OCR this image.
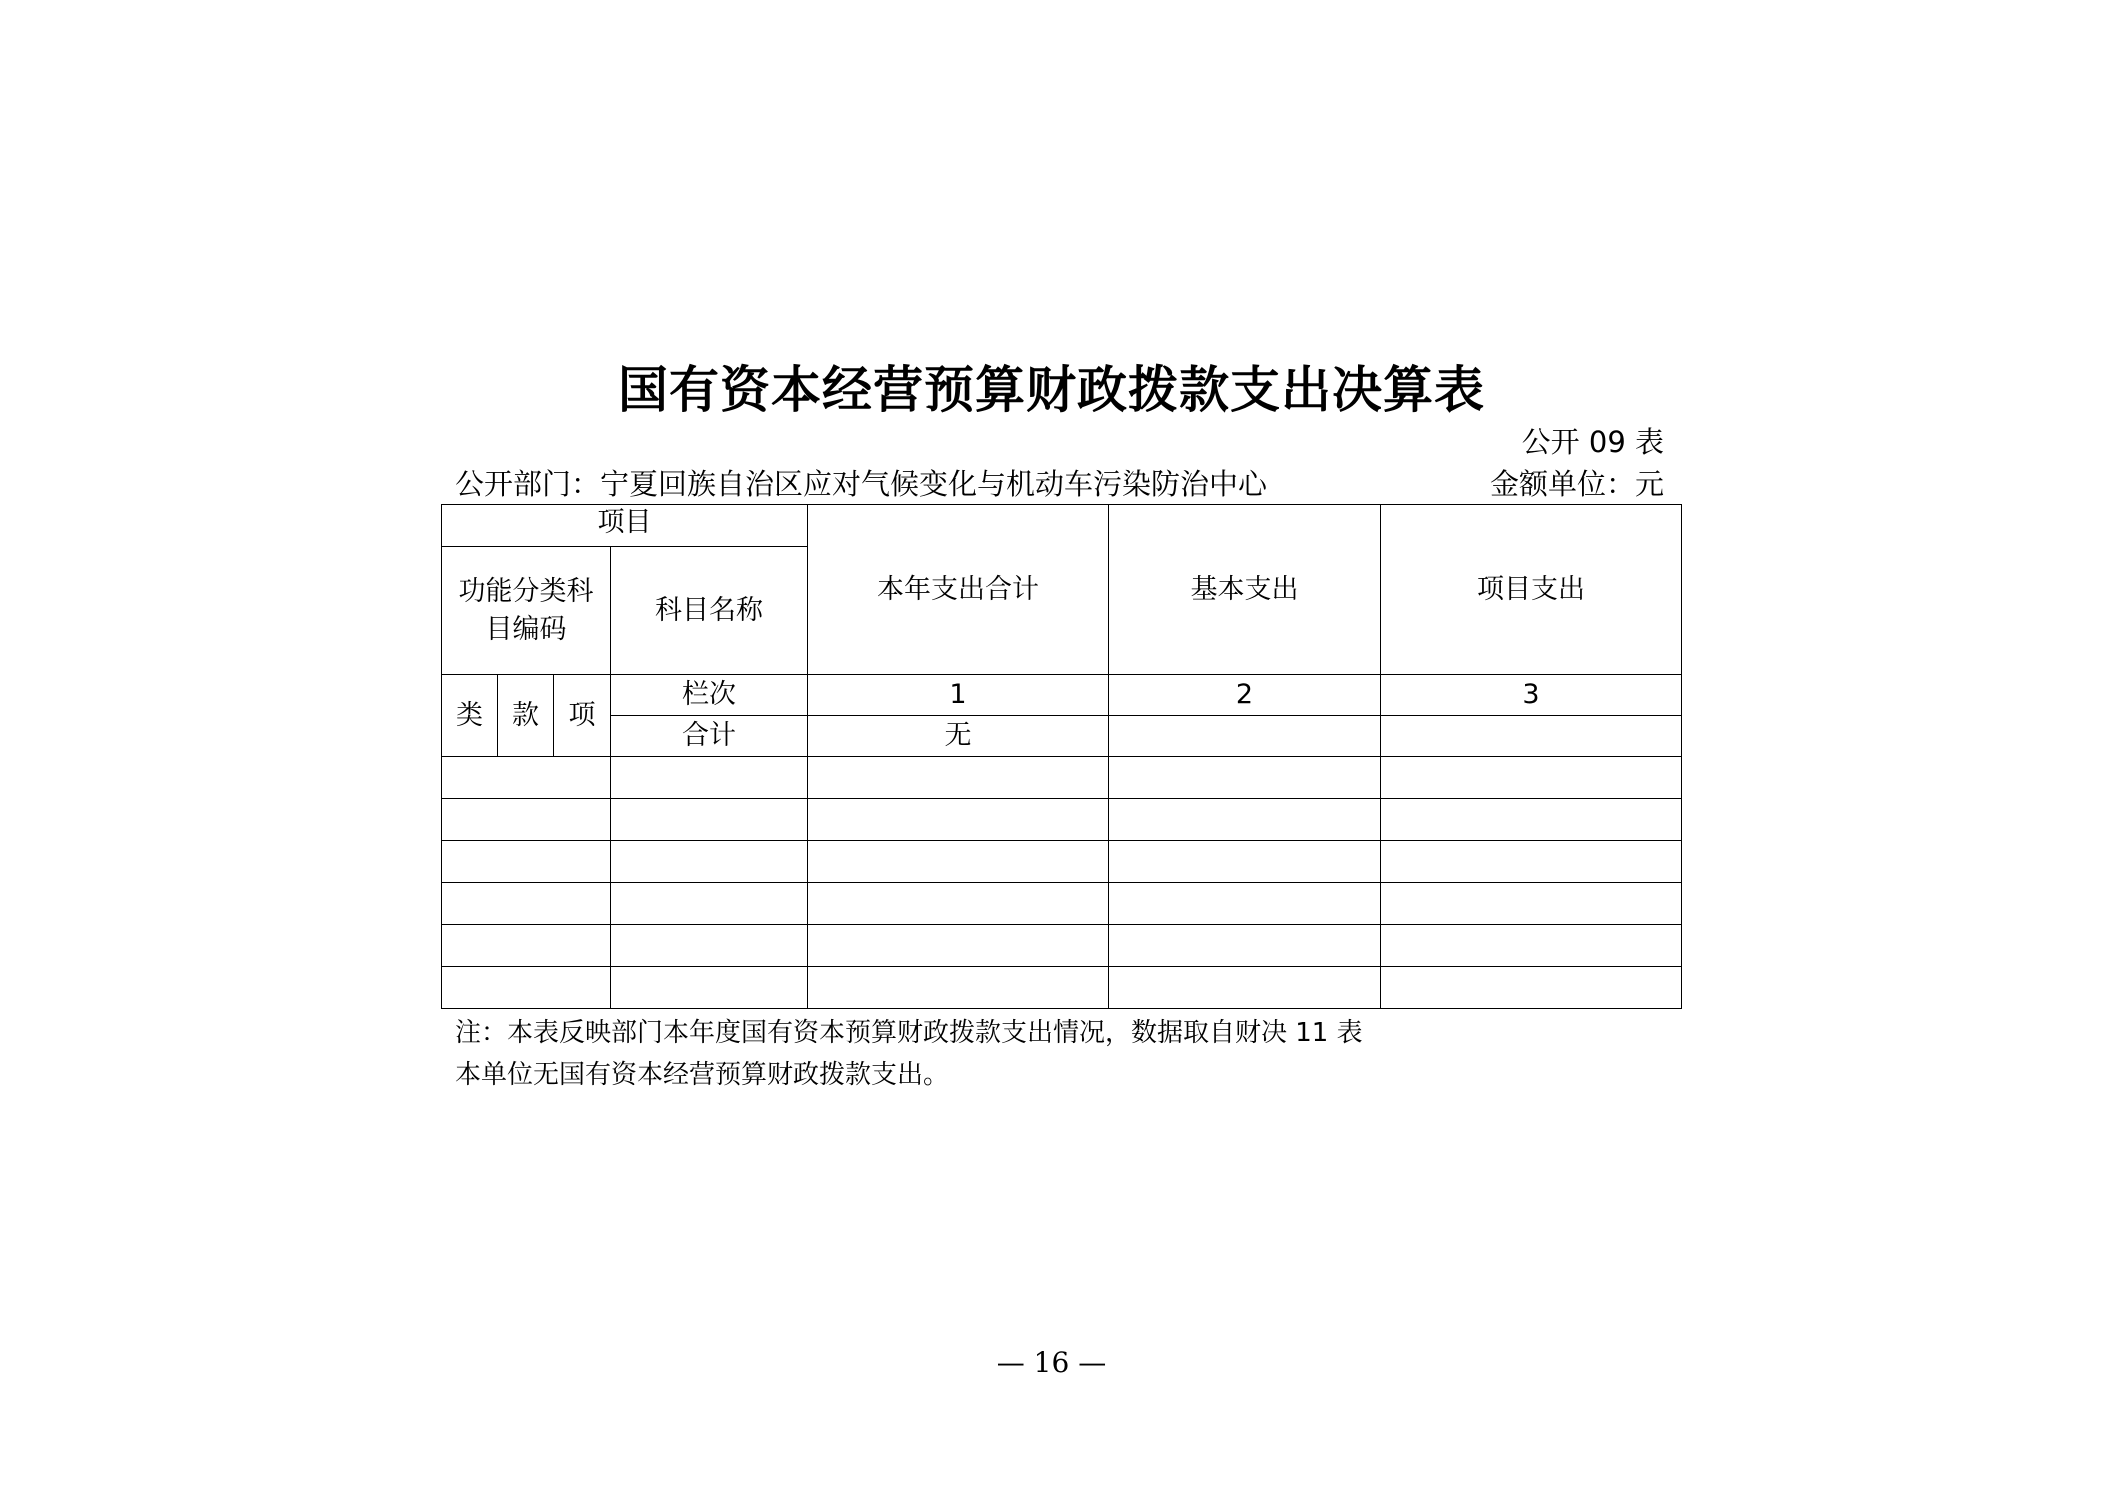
国有资本经营预算财政拨款支出决算表
公开 09 表
公开部门：宁夏回族自治区应对气候变化与机动车污染防治中心	金额单位：元
项目				本年支出合计	基本支出	项目支出
功能分类科目编码			科目名称			
类	款	项	栏次	1	2	3
			合计	无		

注：本表反映部门本年度国有资本预算财政拨款支出情况，数据取自财决 11 表
本单位无国有资本经营预算财政拨款支出。
— 16 —
